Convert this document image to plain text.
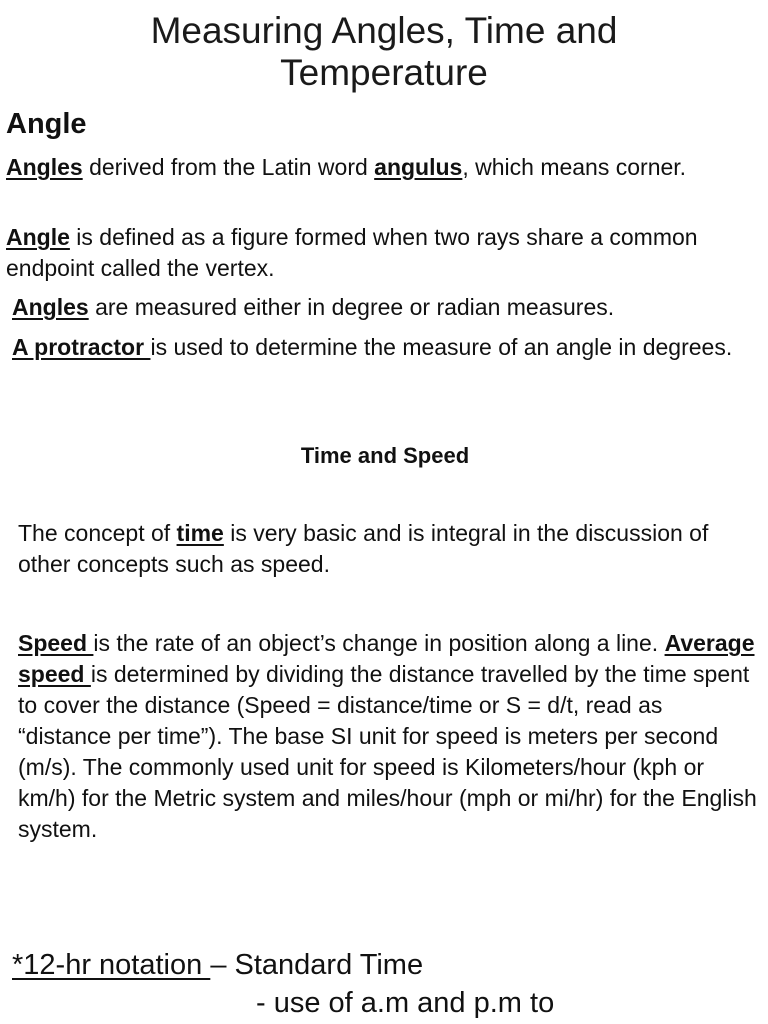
Measuring Angles, Time and
Temperature
Angle

Angles derived from the Latin word angulus, which means corner.

Angle is defined as a figure formed when two rays share a common endpoint called the vertex.

Angles are measured either in degree or radian measures.

A protractor is used to determine the measure of an angle in degrees.

Time and Speed

The concept of time is very basic and is integral in the discussion of other concepts such as speed.

Speed is the rate of an object’s change in position along a line. Average speed is determined by dividing the distance travelled by the time spent to cover the distance (Speed = distance/time or S = d/t, read as “distance per time”). The base SI unit for speed is meters per second (m/s). The commonly used unit for speed is Kilometers/hour (kph or km/h) for the Metric system and miles/hour (mph or mi/hr) for the English system.

*12-hr notation – Standard Time

- use of a.m and p.m to
